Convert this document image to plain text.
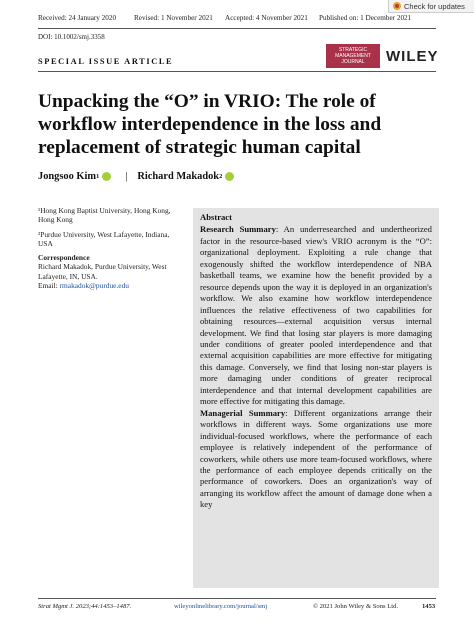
Received: 24 January 2020 Revised: 1 November 2021 Accepted: 4 November 2021 Published on: 1 December 2021
Check for updates
DOI: 10.1002/smj.3358
SPECIAL ISSUE ARTICLE
STRATEGIC
MANAGEMENT
JOURNAL	WILEY
Unpacking the “O” in VRIO: The role of workflow interdependence in the loss and replacement of strategic human capital
Jongsoo Kim 1	| Richard Makadok 2

¹Hong Kong Baptist University, Hong Kong, Hong Kong

²Purdue University, West Lafayette, Indiana, USA

Correspondence

Richard Makadok, Purdue University, West Lafayette, IN, USA.

Email: rmakadok@purdue.edu

Abstract

Research Summary: An underresearched and undertheorized factor in the resource-based view's VRIO acronym is the “O”: organizational deployment. Exploiting a rule change that exogenously shifted the workflow interdependence of NBA basketball teams, we examine how the benefit provided by a resource depends upon the way it is deployed in an organization's workflow. We also examine how workflow interdependence influences the relative effectiveness of two capabilities for obtaining resources—external acquisition versus internal development. We find that losing star players is more damaging under conditions of greater pooled interdependence and that external acquisition capabilities are more effective for mitigating this damage. Conversely, we find that losing non-star players is more damaging under conditions of greater reciprocal interdependence and that internal development capabilities are more effective for mitigating this damage.

Managerial Summary: Different organizations arrange their workflows in different ways. Some organizations use more individual-focused workflows, where the performance of each employee is relatively independent of the performance of coworkers, while others use more team-focused workflows, where the performance of each employee depends critically on the performance of coworkers. Does an organization's way of arranging its workflow affect the amount of damage done when a key

Strat Mgmt J. 2023;44:1453–1487.	wileyonlinelibrary.com/journal/smj	© 2021 John Wiley & Sons Ltd.	1453
